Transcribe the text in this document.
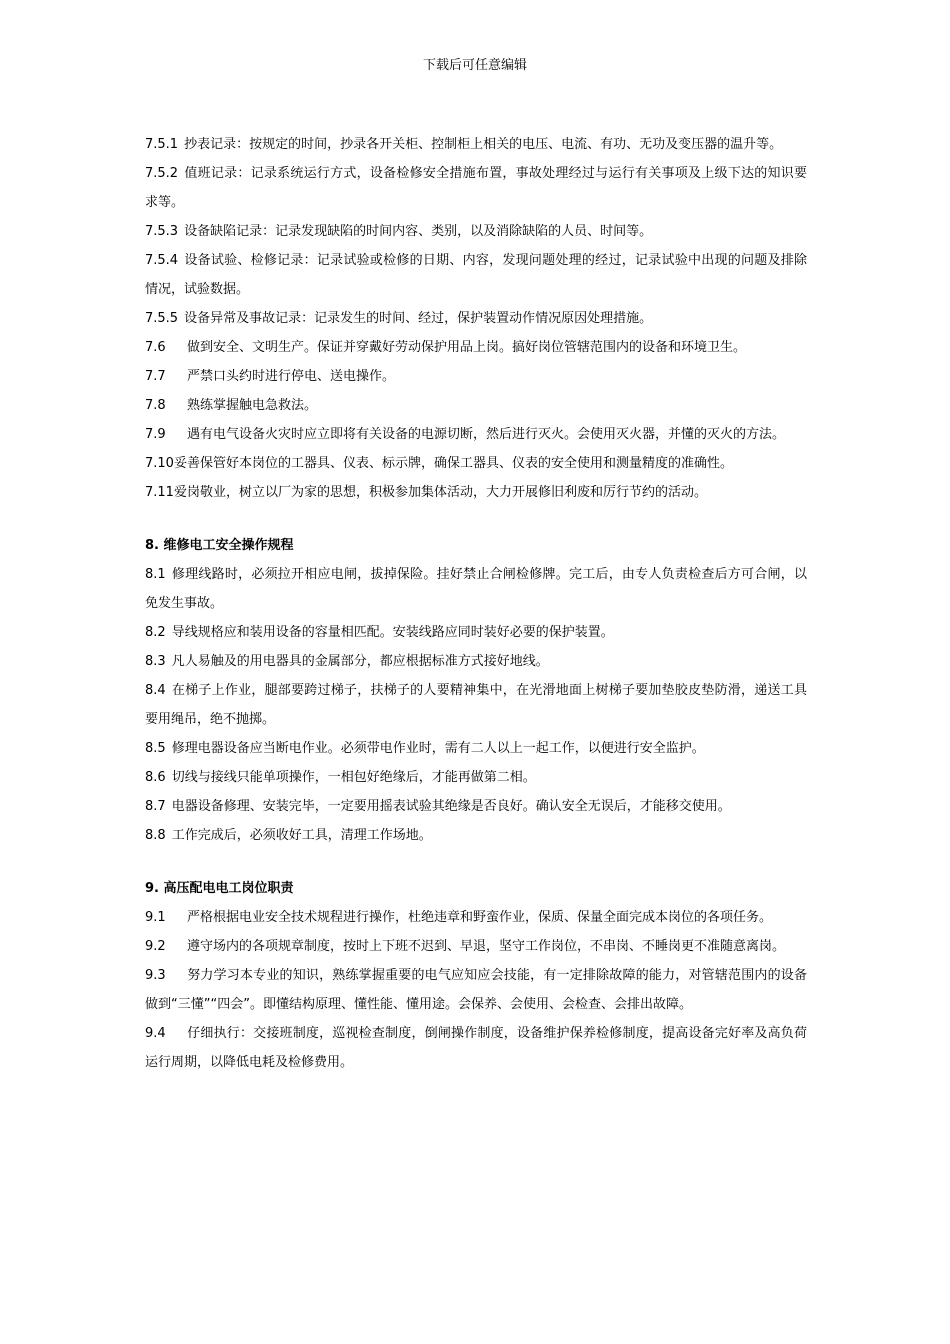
下载后可任意编辑

7.5.1 抄表记录：按规定的时间，抄录各开关柜、控制柜上相关的电压、电流、有功、无功及变压器的温升等。

7.5.2 值班记录：记录系统运行方式，设备检修安全措施布置，事故处理经过与运行有关事项及上级下达的知识要求等。

7.5.3 设备缺陷记录：记录发现缺陷的时间内容、类别，以及消除缺陷的人员、时间等。

7.5.4 设备试验、检修记录：记录试验或检修的日期、内容，发现问题处理的经过，记录试验中出现的问题及排除情况，试验数据。

7.5.5 设备异常及事故记录：记录发生的时间、经过，保护装置动作情况原因处理措施。

7.6 做到安全、文明生产。保证并穿戴好劳动保护用品上岗。搞好岗位管辖范围内的设备和环境卫生。

7.7 严禁口头约时进行停电、送电操作。

7.8 熟练掌握触电急救法。

7.9 遇有电气设备火灾时应立即将有关设备的电源切断，然后进行灭火。会使用灭火器，并懂的灭火的方法。

7.10妥善保管好本岗位的工器具、仪表、标示牌，确保工器具、仪表的安全使用和测量精度的准确性。

7.11爱岗敬业，树立以厂为家的思想，积极参加集体活动，大力开展修旧利废和厉行节约的活动。

8. 维修电工安全操作规程

8.1 修理线路时，必须拉开相应电闸，拔掉保险。挂好禁止合闸检修牌。完工后，由专人负责检查后方可合闸，以免发生事故。

8.2 导线规格应和装用设备的容量相匹配。安装线路应同时装好必要的保护装置。

8.3 凡人易触及的用电器具的金属部分，都应根据标准方式接好地线。

8.4 在梯子上作业，腿部要跨过梯子，扶梯子的人要精神集中，在光滑地面上树梯子要加垫胶皮垫防滑，递送工具要用绳吊，绝不抛掷。

8.5 修理电器设备应当断电作业。必须带电作业时，需有二人以上一起工作，以便进行安全监护。

8.6 切线与接线只能单项操作，一相包好绝缘后，才能再做第二相。

8.7 电器设备修理、安装完毕，一定要用摇表试验其绝缘是否良好。确认安全无误后，才能移交使用。

8.8 工作完成后，必须收好工具，清理工作场地。

9. 高压配电电工岗位职责

9.1 严格根据电业安全技术规程进行操作，杜绝违章和野蛮作业，保质、保量全面完成本岗位的各项任务。

9.2 遵守场内的各项规章制度，按时上下班不迟到、早退，坚守工作岗位，不串岗、不睡岗更不准随意离岗。

9.3 努力学习本专业的知识，熟练掌握重要的电气应知应会技能，有一定排除故障的能力，对管辖范围内的设备做到“三懂”“四会”。即懂结构原理、懂性能、懂用途。会保养、会使用、会检查、会排出故障。

9.4 仔细执行：交接班制度，巡视检查制度，倒闸操作制度，设备维护保养检修制度，提高设备完好率及高负荷运行周期，以降低电耗及检修费用。
